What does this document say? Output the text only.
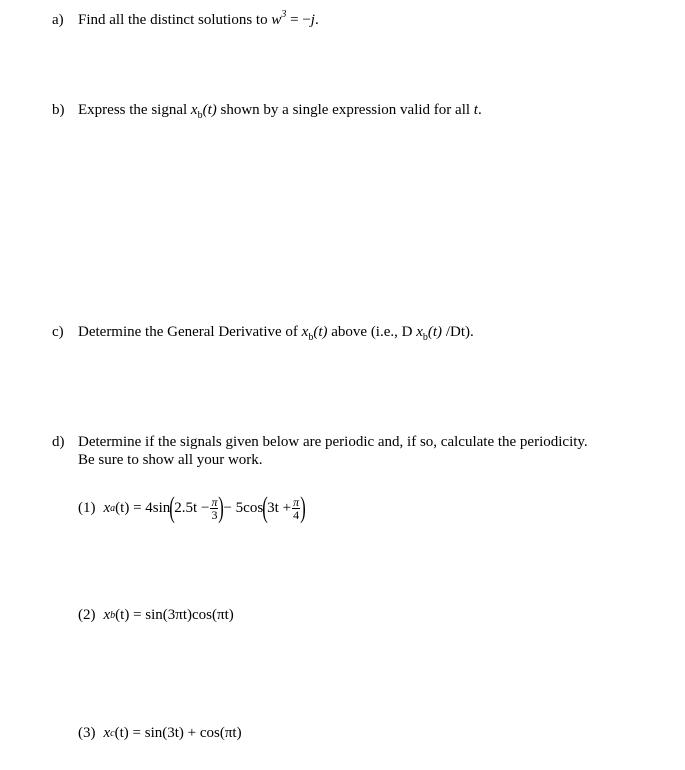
a) Find all the distinct solutions to $w^3 = -j$.
b) Express the signal $x_b(t)$ shown by a single expression valid for all t.
c) Determine the General Derivative of $x_b(t)$ above (i.e., D $x_b(t)$ /Dt).
d) Determine if the signals given below are periodic and, if so, calculate the periodicity.
Be sure to show all your work.
(1) x a (t) = 4sin ( $2.5t - \frac{\pi}{3}$ ) − 5cos ( $3t + \frac{\pi}{4}$ )
(2) x b (t) = sin(3πt)cos(πt)
(3) x c (t) = sin(3t) + cos(πt)
